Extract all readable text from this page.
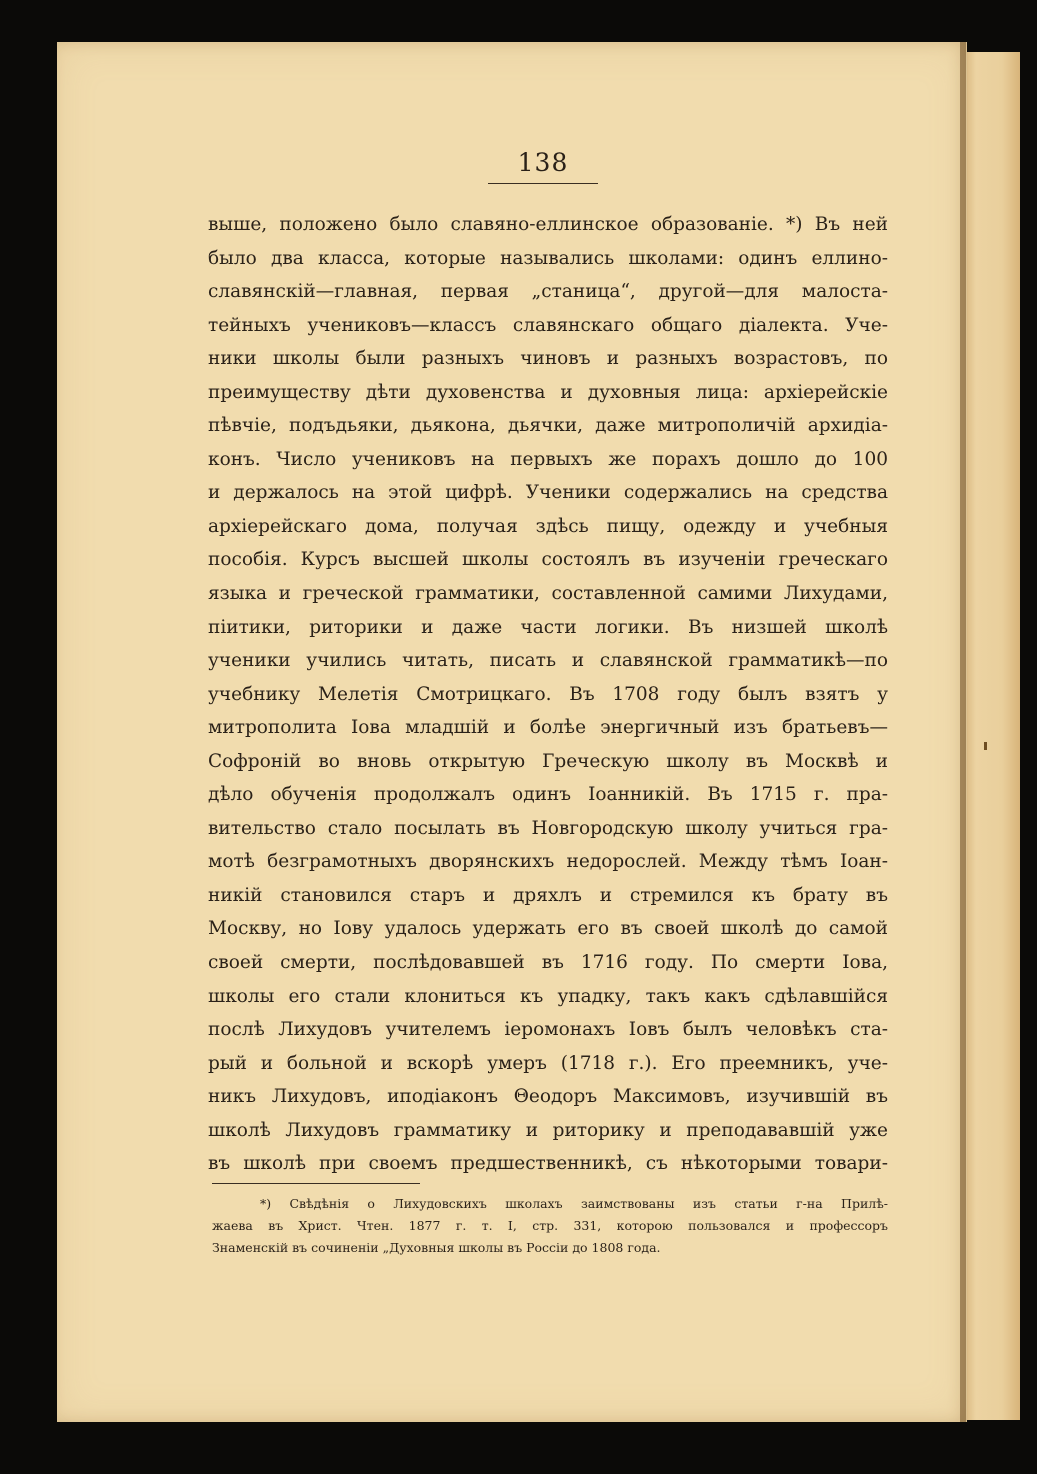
138
выше, положено было славяно-еллинское образованіе. *) Въ ней
было два класса, которые назывались школами: одинъ еллино-
славянскій—главная, первая „станица“, другой—для малоста-
тейныхъ учениковъ—классъ славянскаго общаго діалекта. Уче-
ники школы были разныхъ чиновъ и разныхъ возрастовъ, по
преимуществу дѣти духовенства и духовныя лица: архіерейскіе
пѣвчіе, подъдьяки, дьякона, дьячки, даже митрополичій архидіа-
конъ. Число учениковъ на первыхъ же порахъ дошло до 100
и держалось на этой цифрѣ. Ученики содержались на средства
архіерейскаго дома, получая здѣсь пищу, одежду и учебныя
пособія. Курсъ высшей школы состоялъ въ изученіи греческаго
языка и греческой грамматики, составленной самими Лихудами,
піитики, риторики и даже части логики. Въ низшей школѣ
ученики учились читать, писать и славянской грамматикѣ—по
учебнику Мелетія Смотрицкаго. Въ 1708 году былъ взятъ у
митрополита Іова младшій и болѣе энергичный изъ братьевъ—
Софроній во вновь открытую Греческую школу въ Москвѣ и
дѣло обученія продолжалъ одинъ Іоанникій. Въ 1715 г. пра-
вительство стало посылать въ Новгородскую школу учиться гра-
мотѣ безграмотныхъ дворянскихъ недорослей. Между тѣмъ Іоан-
никій становился старъ и дряхлъ и стремился къ брату въ
Москву, но Іову удалось удержать его въ своей школѣ до самой
своей смерти, послѣдовавшей въ 1716 году. По смерти Іова,
школы его стали клониться къ упадку, такъ какъ сдѣлавшійся
послѣ Лихудовъ учителемъ іеромонахъ Іовъ былъ человѣкъ ста-
рый и больной и вскорѣ умеръ (1718 г.). Его преемникъ, уче-
никъ Лихудовъ, иподіаконъ Θеодоръ Максимовъ, изучившій въ
школѣ Лихудовъ грамматику и риторику и преподававшій уже
въ школѣ при своемъ предшественникѣ, съ нѣкоторыми товари-
*) Свѣдѣнія о Лихудовскихъ школахъ заимствованы изъ статьи г-на Прилѣ-
жаева въ Христ. Чтен. 1877 г. т. I, стр. 331, которою пользовался и профессоръ
Знаменскій въ сочиненіи „Духовныя школы въ Россіи до 1808 года.
